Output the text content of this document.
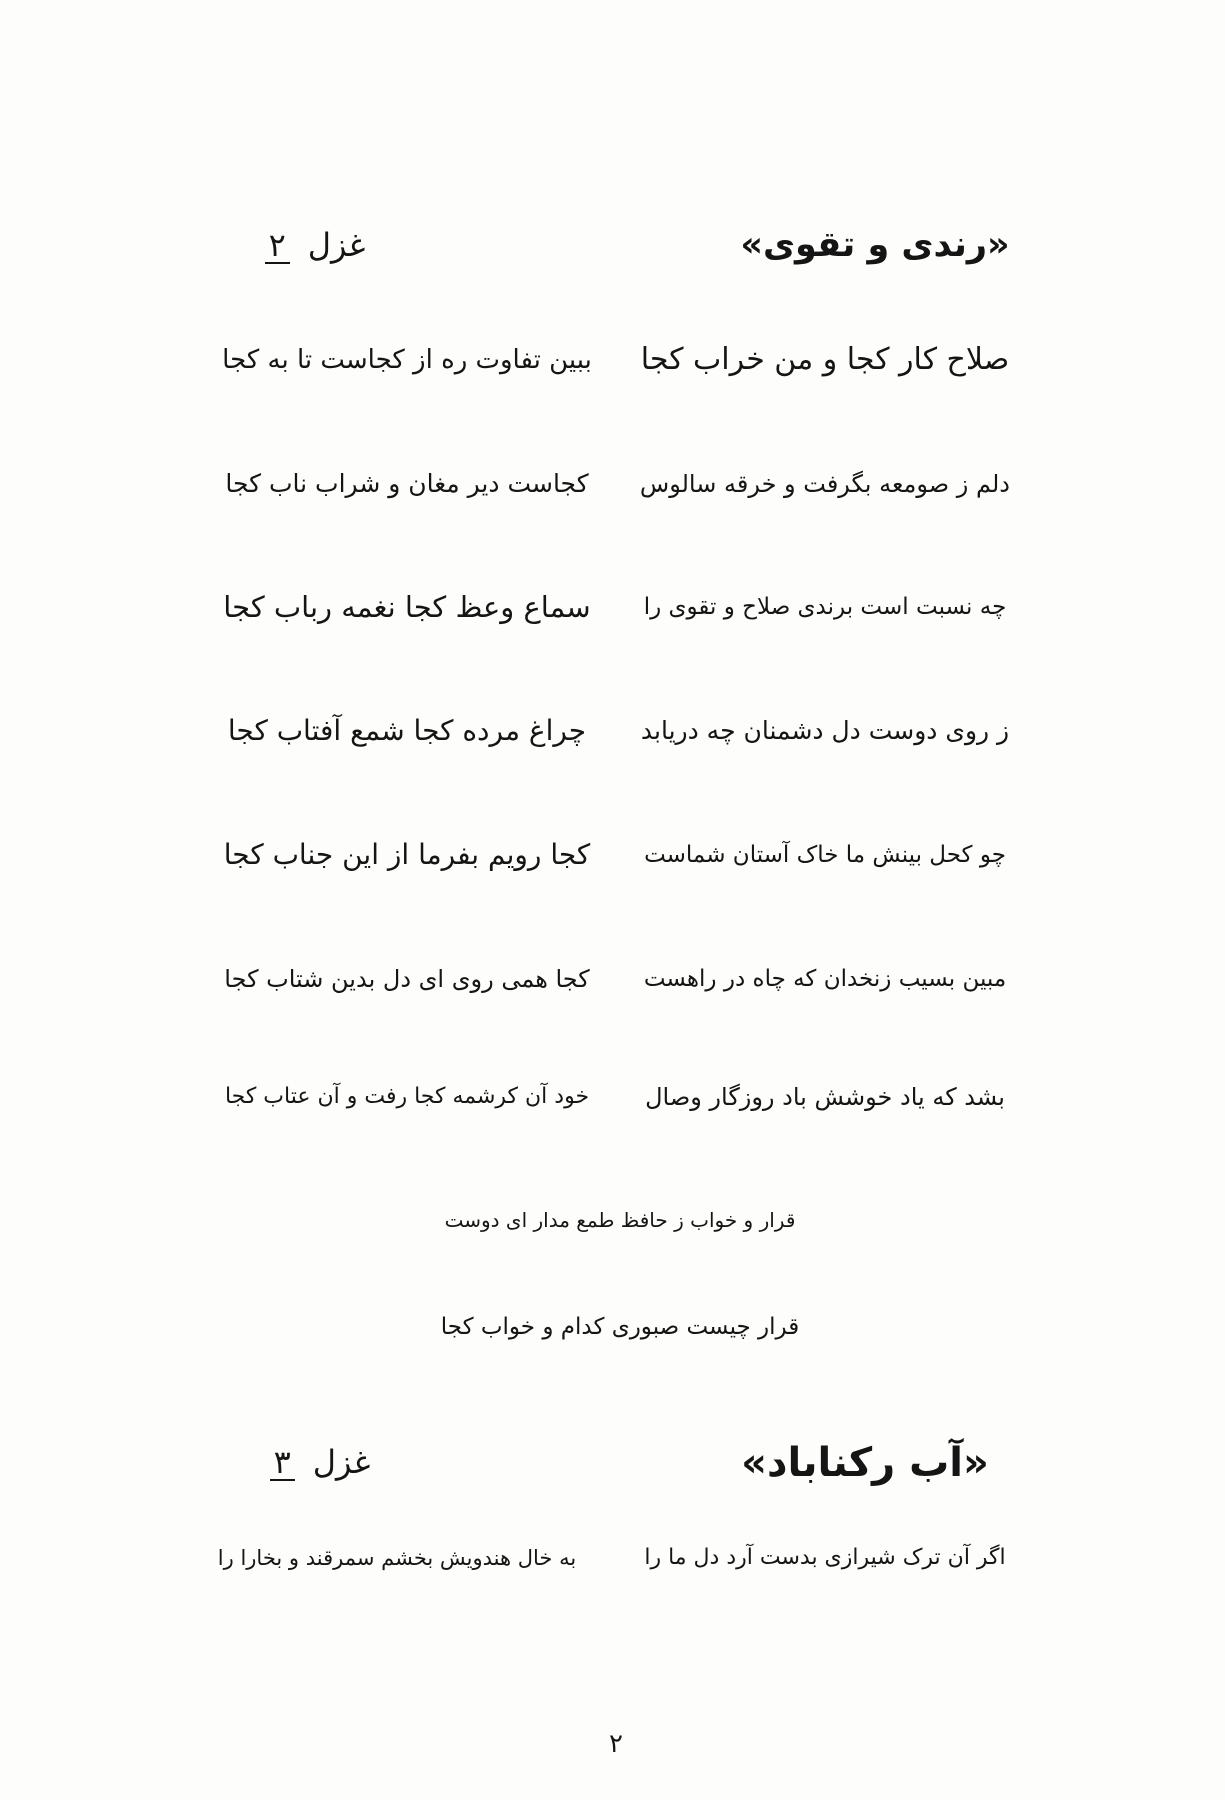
«رندی و تقوی»
غزل۲
صلاح کار کجا و من خراب کجا
ببین تفاوت ره از کجاست تا به کجا
دلم ز صومعه بگرفت و خرقه سالوس
کجاست دیر مغان و شراب ناب کجا
چه نسبت است برندی صلاح و تقوی را
سماع وعظ کجا نغمه رباب کجا
ز روی دوست دل دشمنان چه دریابد
چراغ مرده کجا شمع آفتاب کجا
چو کحل بینش ما خاک آستان شماست
کجا رویم بفرما از این جناب کجا
مبین بسیب زنخدان که چاه در راهست
کجا همی روی ای دل بدین شتاب کجا
بشد که یاد خوشش باد روزگار وصال
خود آن کرشمه کجا رفت و آن عتاب کجا
قرار و خواب ز حافظ طمع مدار ای دوست
قرار چیست صبوری کدام و خواب کجا
«آب رکناباد»
غزل۳
اگر آن ترک شیرازی بدست آرد دل ما را
به خال هندویش بخشم سمرقند و بخارا را
۲
